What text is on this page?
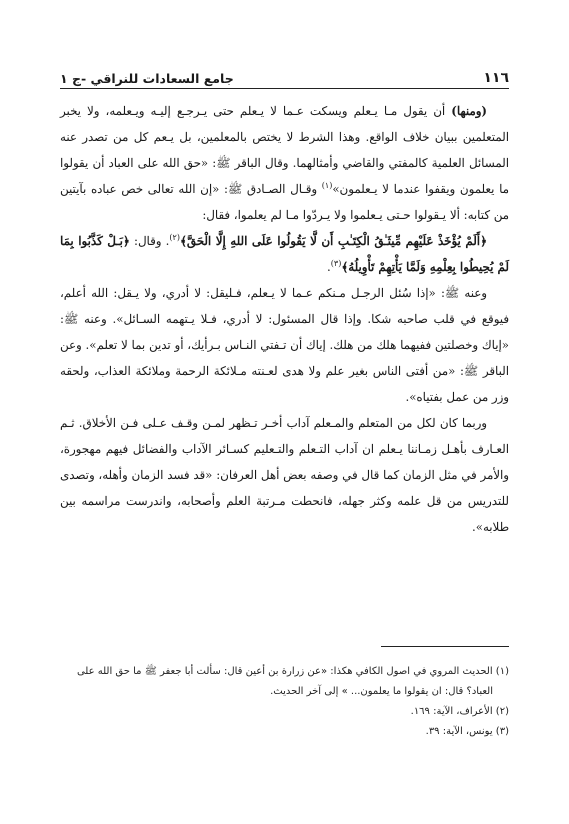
١١٦
جامع السعادات للنراقي -ج ١

(ومنها) أن يقول مـا يـعلم ويسكت عـما لا يـعلم حتى يـرجـع إليـه ويـعلمه، ولا يخبر المتعلمين ببيان خلاف الواقع. وهذا الشرط لا يختص بالمعلمين، بل يـعم كل من تصدر عنه المسائل العلمية كالمفتي والقاضي وأمثالهما. وقال الباقر ﷺ: «حق الله على العباد أن يقولوا ما يعلمون ويقفوا عندما لا يـعلمون»$^{(١)}$ وقـال الصـادق ﷺ: «إن الله تعالى خص عباده بآيتين من كتابه: ألا يـقولوا حـتى يـعلموا ولا يـردّوا مـا لم يعلموا، فقال:

﴿أَلَمْ يُؤْخَذْ عَلَيْهِم مِّيثَـٰقُ الْكِتَـٰبِ أَن لَّا يَقُولُوا عَلَى اللهِ إِلَّا الْحَقَّ﴾$^{(٢)}$. وقال: ﴿بَـلْ كَذَّبُوا بِمَا لَمْ يُحِيطُوا بِعِلْمِهِ وَلَمَّا يَأْتِهِمْ تَأْوِيلُهُ﴾$^{(٣)}$.

وعنه ﷺ: «إذا سُئل الرجـل مـنكم عـما لا يـعلم، فـليقل: لا أدري، ولا يـقل: الله أعلم، فيوقع في قلب صاحبه شكا. وإذا قال المسئول: لا أدري، فـلا يـتهمه السـائل». وعنه ﷺ: «إياك وخصلتين ففيهما هلك من هلك. إياك أن تـفتي النـاس بـرأيك، أو تدين بما لا تعلم». وعن الباقر ﷺ: «من أفتى الناس بغير علم ولا هدى لعـنته مـلائكة الرحمة وملائكة العذاب، ولحقه وزر من عمل بفتياه».

وربما كان لكل من المتعلم والمـعلم آداب أخـر تـظهر لمـن وقـف عـلى فـن الأخلاق. ثـم العـارف بأهـل زمـاننا يـعلم ان آداب التـعلم والتـعليم كسـائر الآداب والفضائل فيهم مهجورة، والأمر في مثل الزمان كما قال في وصفه بعض أهل العرفان: «قد فسد الزمان وأهله، وتصدى للتدريس من قل علمه وكثر جهله، فانحطت مـرتبة العلم وأصحابه، واندرست مراسمه بين طلابه».

(١) الحديث المروي في اصول الكافي هكذا: «عن زرارة بن أعين قال: سألت أبا جعفر ﷺ ما حق الله على

العباد؟ قال: ان يقولوا ما يعلمون... » إلى آخر الحديث.

(٢) الأعراف، الآية: ١٦٩.

(٣) يونس، الآية: ٣٩.
